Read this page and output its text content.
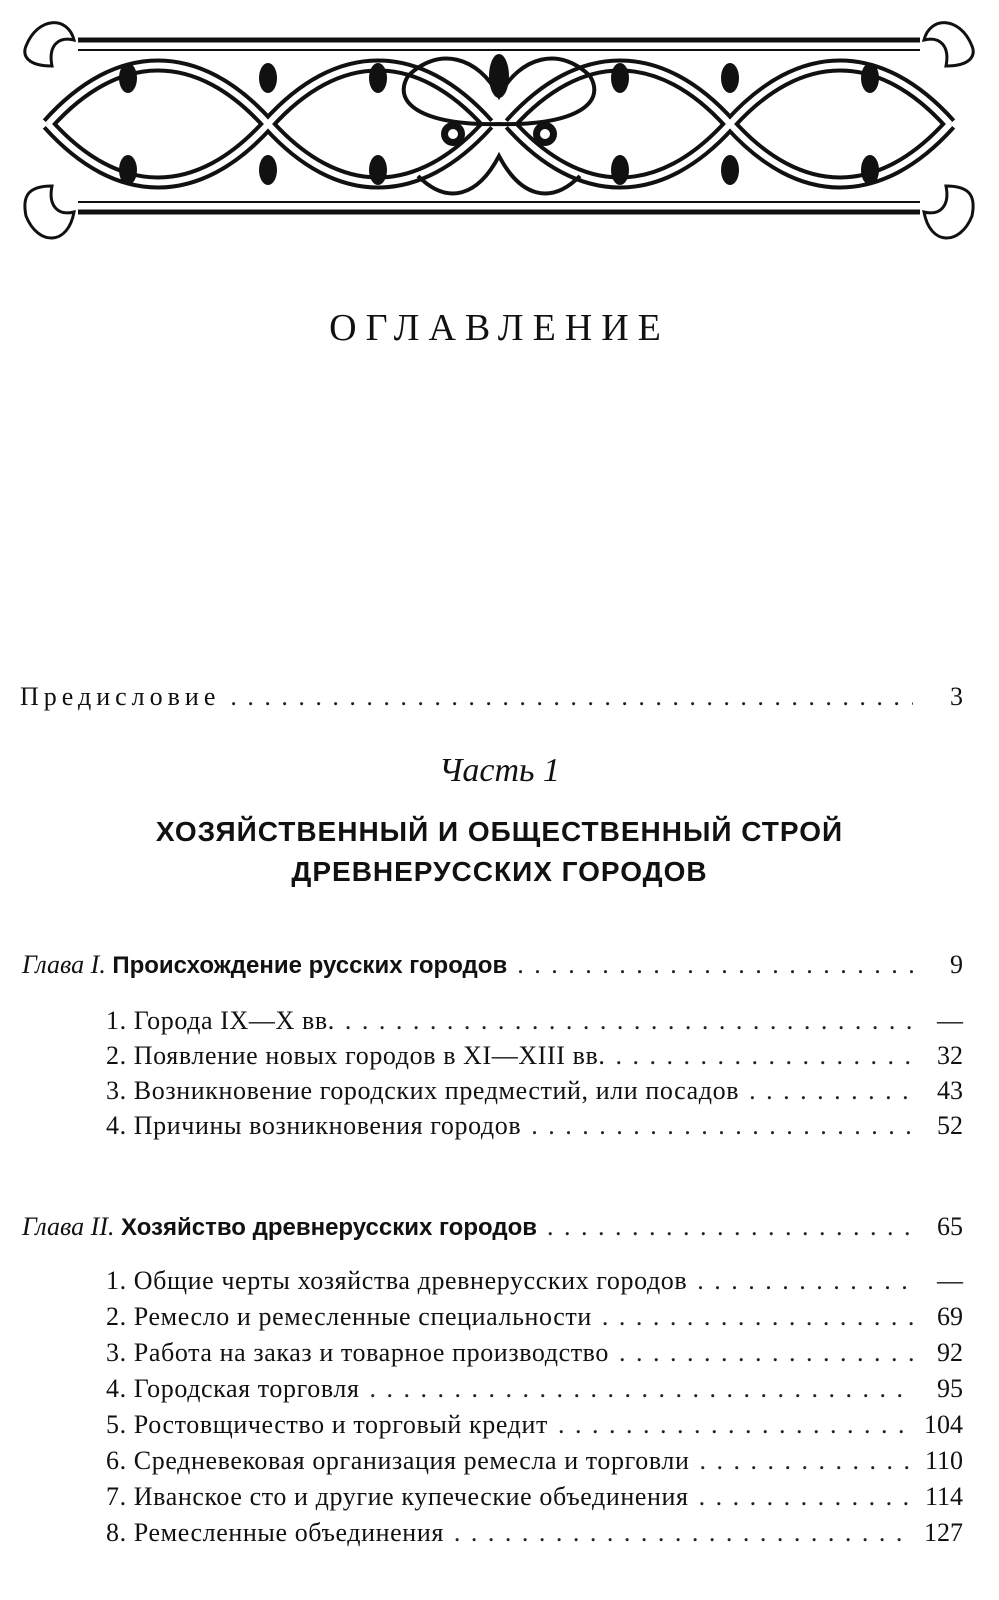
ОГЛАВЛЕНИЕ
Предисловие . . .	3
Часть 1
ХОЗЯЙСТВЕННЫЙ И ОБЩЕСТВЕННЫЙ СТРОЙ
ДРЕВНЕРУССКИХ ГОРОДОВ
Глава I. Происхождение русских городов . . .	9
1. Города IX—X вв. . . .	—
2. Появление новых городов в XI—XIII вв. . . .	32
3. Возникновение городских предместий, или посадов . . .	43
4. Причины возникновения городов . . .	52
Глава II. Хозяйство древнерусских городов . . .	65
1. Общие черты хозяйства древнерусских городов . . .	—
2. Ремесло и ремесленные специальности . . .	69
3. Работа на заказ и товарное производство . . .	92
4. Городская торговля . . .	95
5. Ростовщичество и торговый кредит . . .	104
6. Средневековая организация ремесла и торговли . . .	110
7. Иванское сто и другие купеческие объединения . . .	114
8. Ремесленные объединения . . .	127
